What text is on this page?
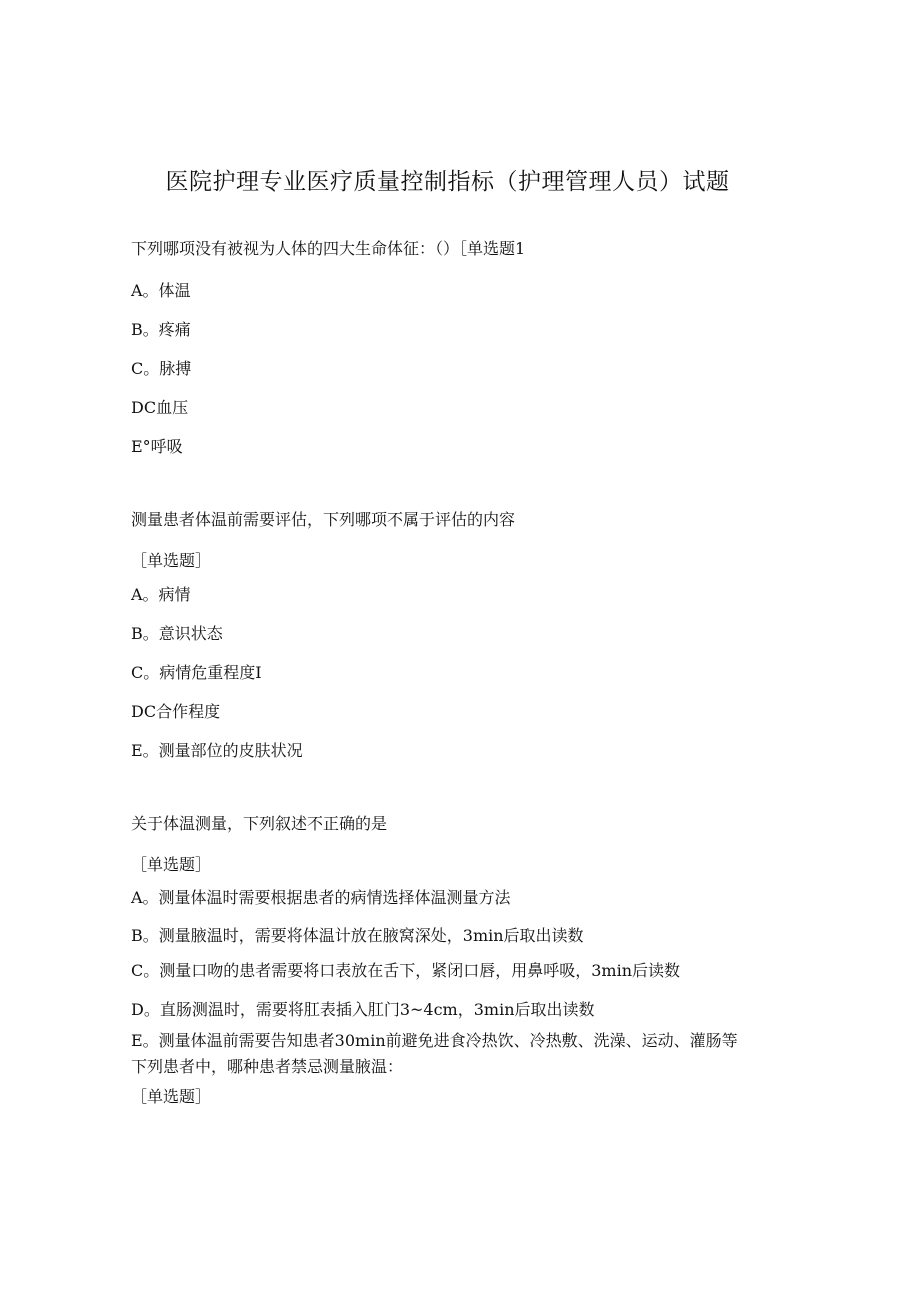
医院护理专业医疗质量控制指标（护理管理人员）试题
下列哪项没有被视为人体的四大生命体征：（）［单选题1
A。体温
B。疼痛
C。脉搏
DC血压
E°呼吸
测量患者体温前需要评估，下列哪项不属于评估的内容
［单选题］
A。病情
B。意识状态
C。病情危重程度I
DC合作程度
E。测量部位的皮肤状况
关于体温测量，下列叙述不正确的是
［单选题］
A。测量体温时需要根据患者的病情选择体温测量方法
B。测量腋温时，需要将体温计放在腋窝深处，3min后取出读数
C。测量口吻的患者需要将口表放在舌下，紧闭口唇，用鼻呼吸，3min后读数
D。直肠测温时，需要将肛表插入肛门3~4cm，3min后取出读数
E。测量体温前需要告知患者30min前避免进食冷热饮、冷热敷、洗澡、运动、灌肠等
下列患者中，哪种患者禁忌测量腋温：
［单选题］
